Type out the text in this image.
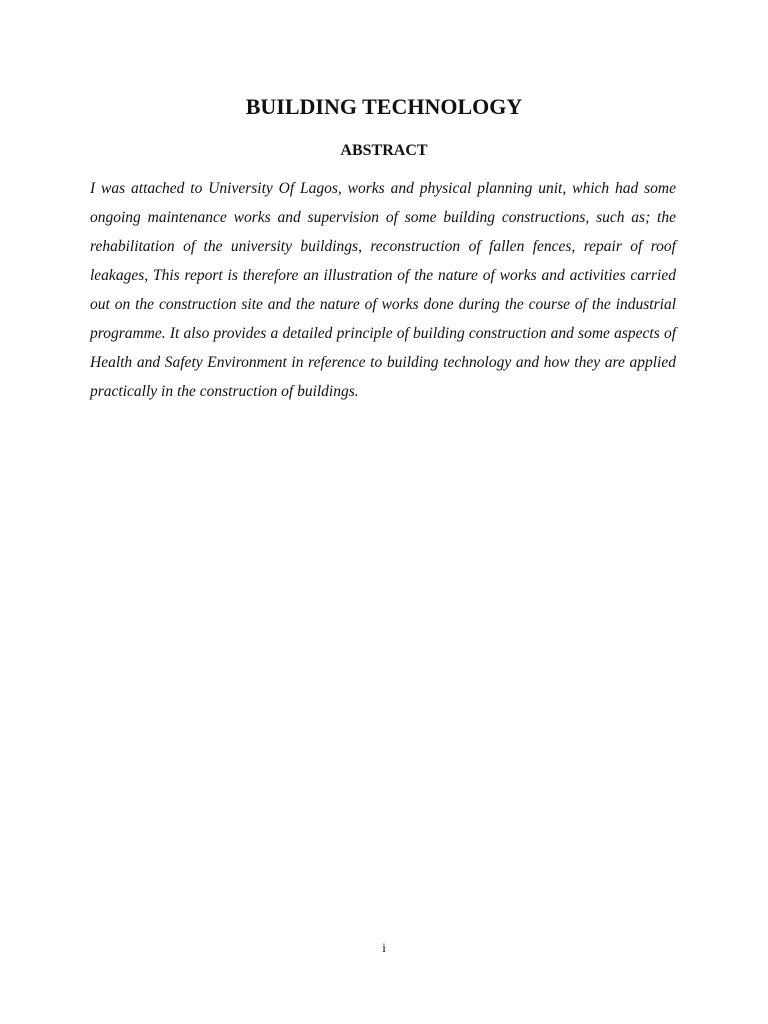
BUILDING TECHNOLOGY
ABSTRACT

I was attached to University Of Lagos, works and physical planning unit, which had some ongoing maintenance works and supervision of some building constructions, such as; the rehabilitation of the university buildings, reconstruction of fallen fences, repair of roof leakages, This report is therefore an illustration of the nature of works and activities carried out on the construction site and the nature of works done during the course of the industrial programme. It also provides a detailed principle of building construction and some aspects of Health and Safety Environment in reference to building technology and how they are applied practically in the construction of buildings.

i
